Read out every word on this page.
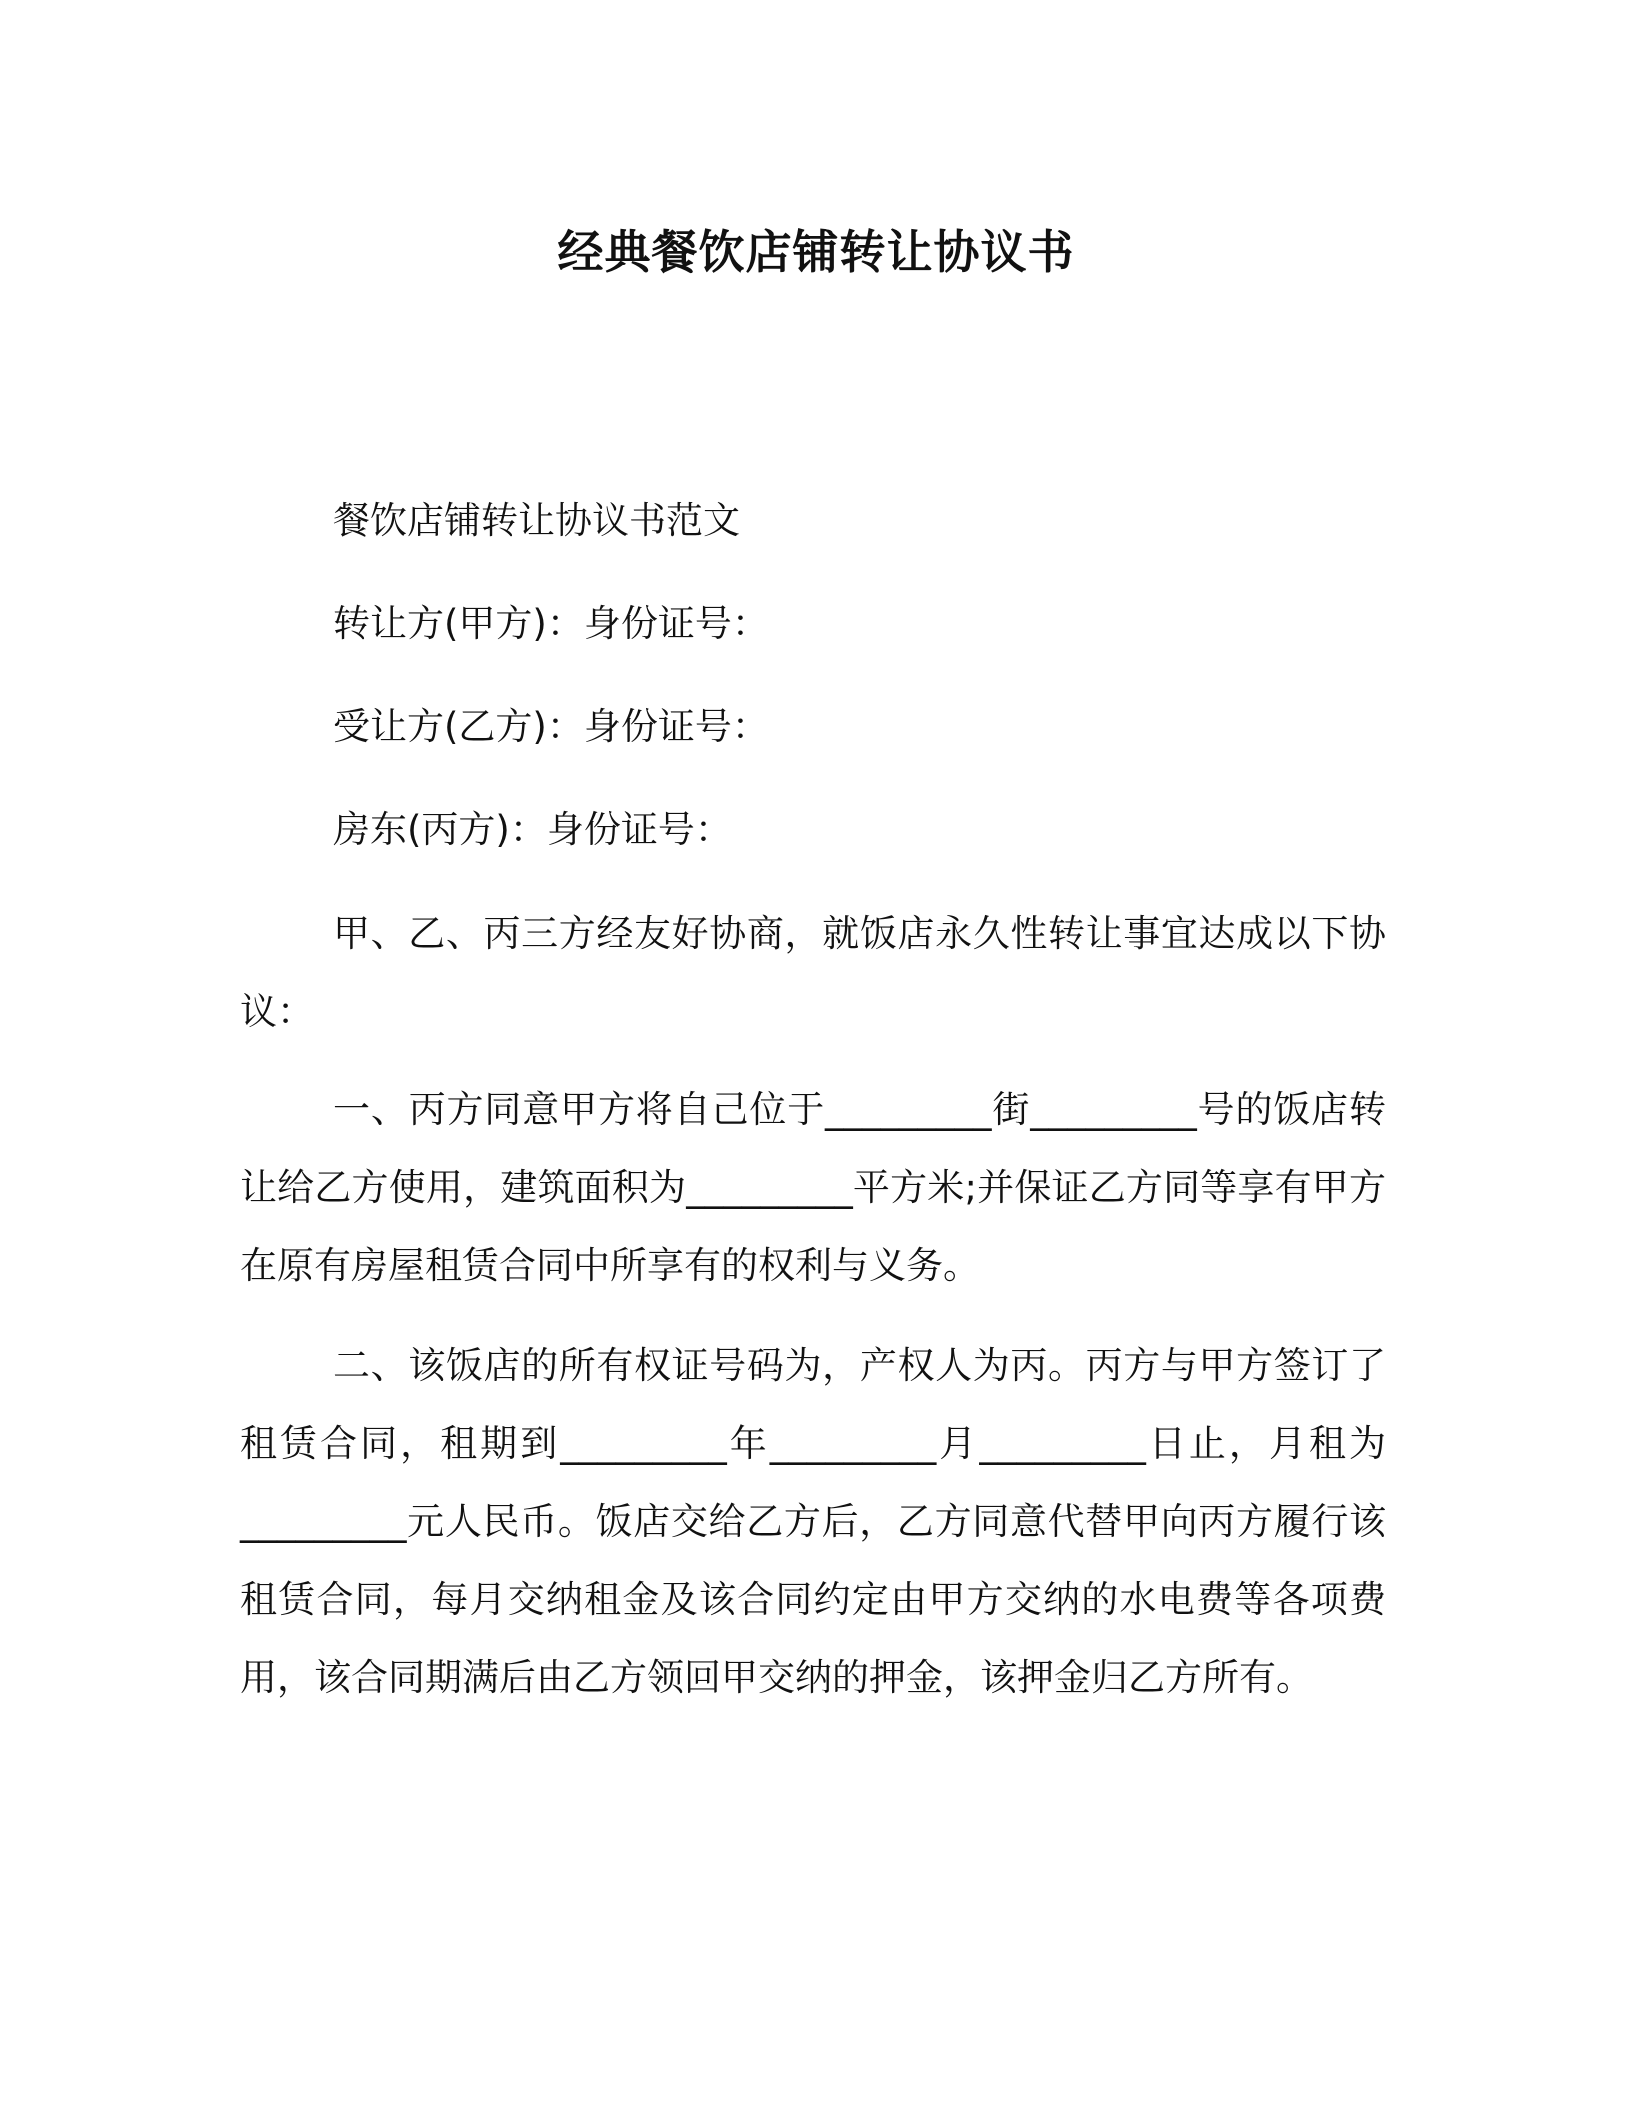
经典餐饮店铺转让协议书
餐饮店铺转让协议书范文
转让方(甲方)：身份证号：
受让方(乙方)：身份证号：
房东(丙方)：身份证号：

甲、乙、丙三方经友好协商，就饭店永久性转让事宜达成以下协议：

一、丙方同意甲方将自己位于_________街_________号的饭店转让给乙方使用，建筑面积为_________平方米;并保证乙方同等享有甲方在原有房屋租赁合同中所享有的权利与义务。

二、该饭店的所有权证号码为，产权人为丙。丙方与甲方签订了租赁合同，租期到_________年_________月_________日止，月租为_________元人民币。饭店交给乙方后，乙方同意代替甲向丙方履行该租赁合同，每月交纳租金及该合同约定由甲方交纳的水电费等各项费用，该合同期满后由乙方领回甲交纳的押金，该押金归乙方所有。
